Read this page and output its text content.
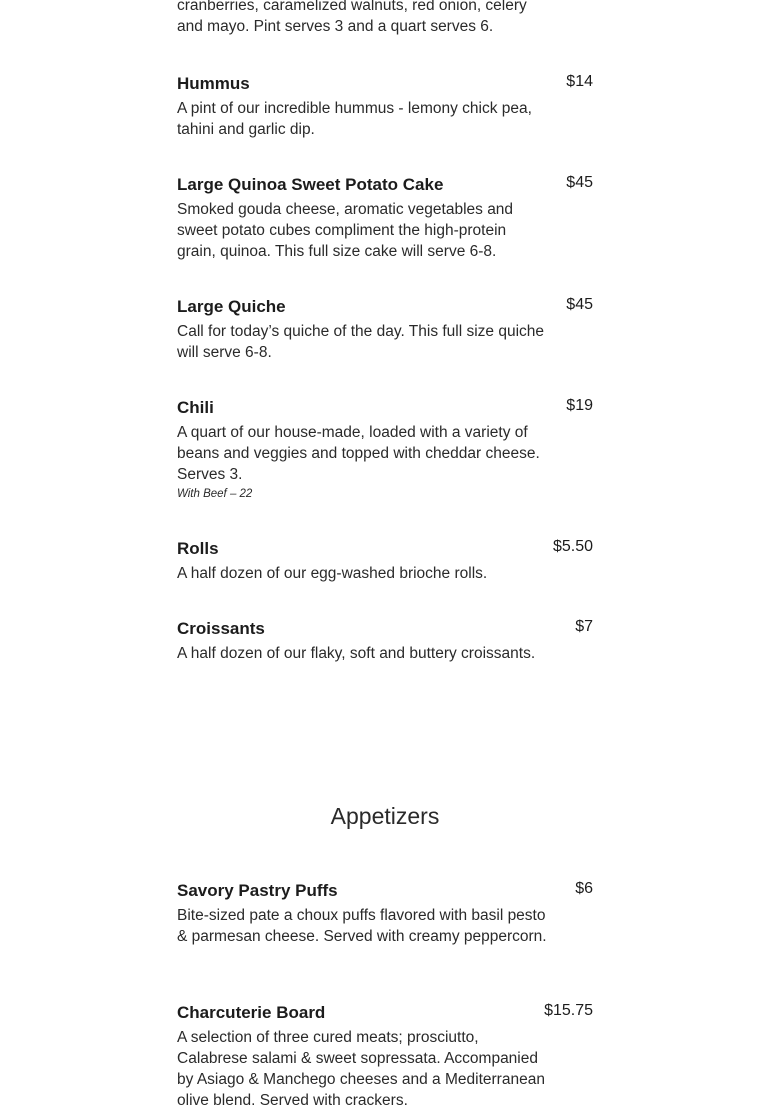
cranberries, caramelized walnuts, red onion, celery and mayo. Pint serves 3 and a quart serves 6.
Hummus	$14
A pint of our incredible hummus - lemony chick pea, tahini and garlic dip.
Large Quinoa Sweet Potato Cake	$45
Smoked gouda cheese, aromatic vegetables and sweet potato cubes compliment the high-protein grain, quinoa. This full size cake will serve 6-8.
Large Quiche	$45
Call for today’s quiche of the day. This full size quiche will serve 6-8.
Chili	$19
A quart of our house-made, loaded with a variety of beans and veggies and topped with cheddar cheese. Serves 3.
With Beef – 22
Rolls	$5.50
A half dozen of our egg-washed brioche rolls.
Croissants	$7
A half dozen of our flaky, soft and buttery croissants.
Appetizers
Savory Pastry Puffs	$6
Bite-sized pate a choux puffs flavored with basil pesto & parmesan cheese. Served with creamy peppercorn.
Charcuterie Board	$15.75
A selection of three cured meats; prosciutto, Calabrese salami & sweet sopressata. Accompanied by Asiago & Manchego cheeses and a Mediterranean olive blend. Served with crackers.
